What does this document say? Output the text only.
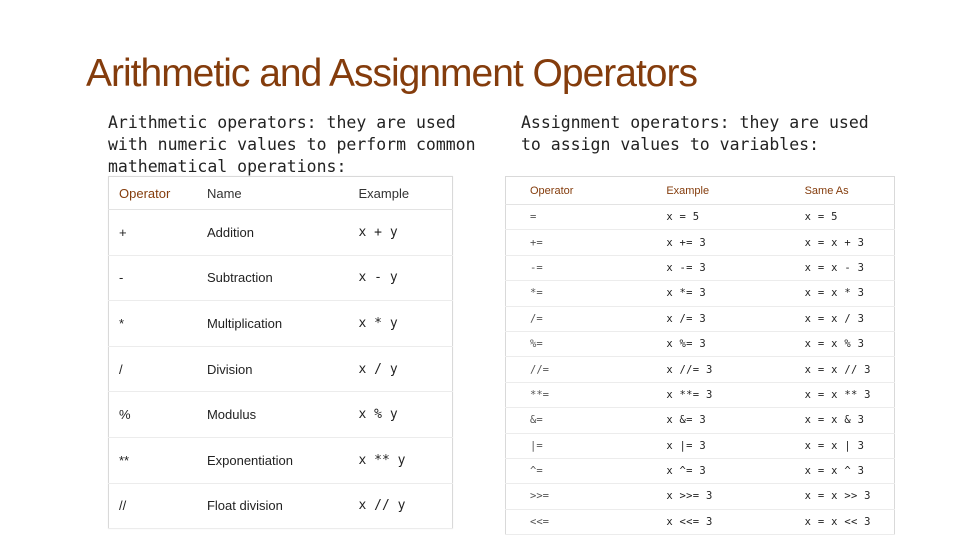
Arithmetic and Assignment Operators
Arithmetic operators: they are used with numeric values to perform common mathematical operations:
Assignment operators: they are used to assign values to variables:
Operator	Name	Example
+	Addition	x + y
-	Subtraction	x - y
*	Multiplication	x * y
/	Division	x / y
%	Modulus	x % y
**	Exponentiation	x ** y
//	Float division	x // y
Operator	Example	Same As
=	x = 5	x = 5
+=	x += 3	x = x + 3
-=	x -= 3	x = x - 3
*=	x *= 3	x = x * 3
/=	x /= 3	x = x / 3
%=	x %= 3	x = x % 3
//=	x //= 3	x = x // 3
**=	x **= 3	x = x ** 3
&=	x &= 3	x = x & 3
|=	x |= 3	x = x | 3
^=	x ^= 3	x = x ^ 3
>>=	x >>= 3	x = x >> 3
<<=	x <<= 3	x = x << 3
